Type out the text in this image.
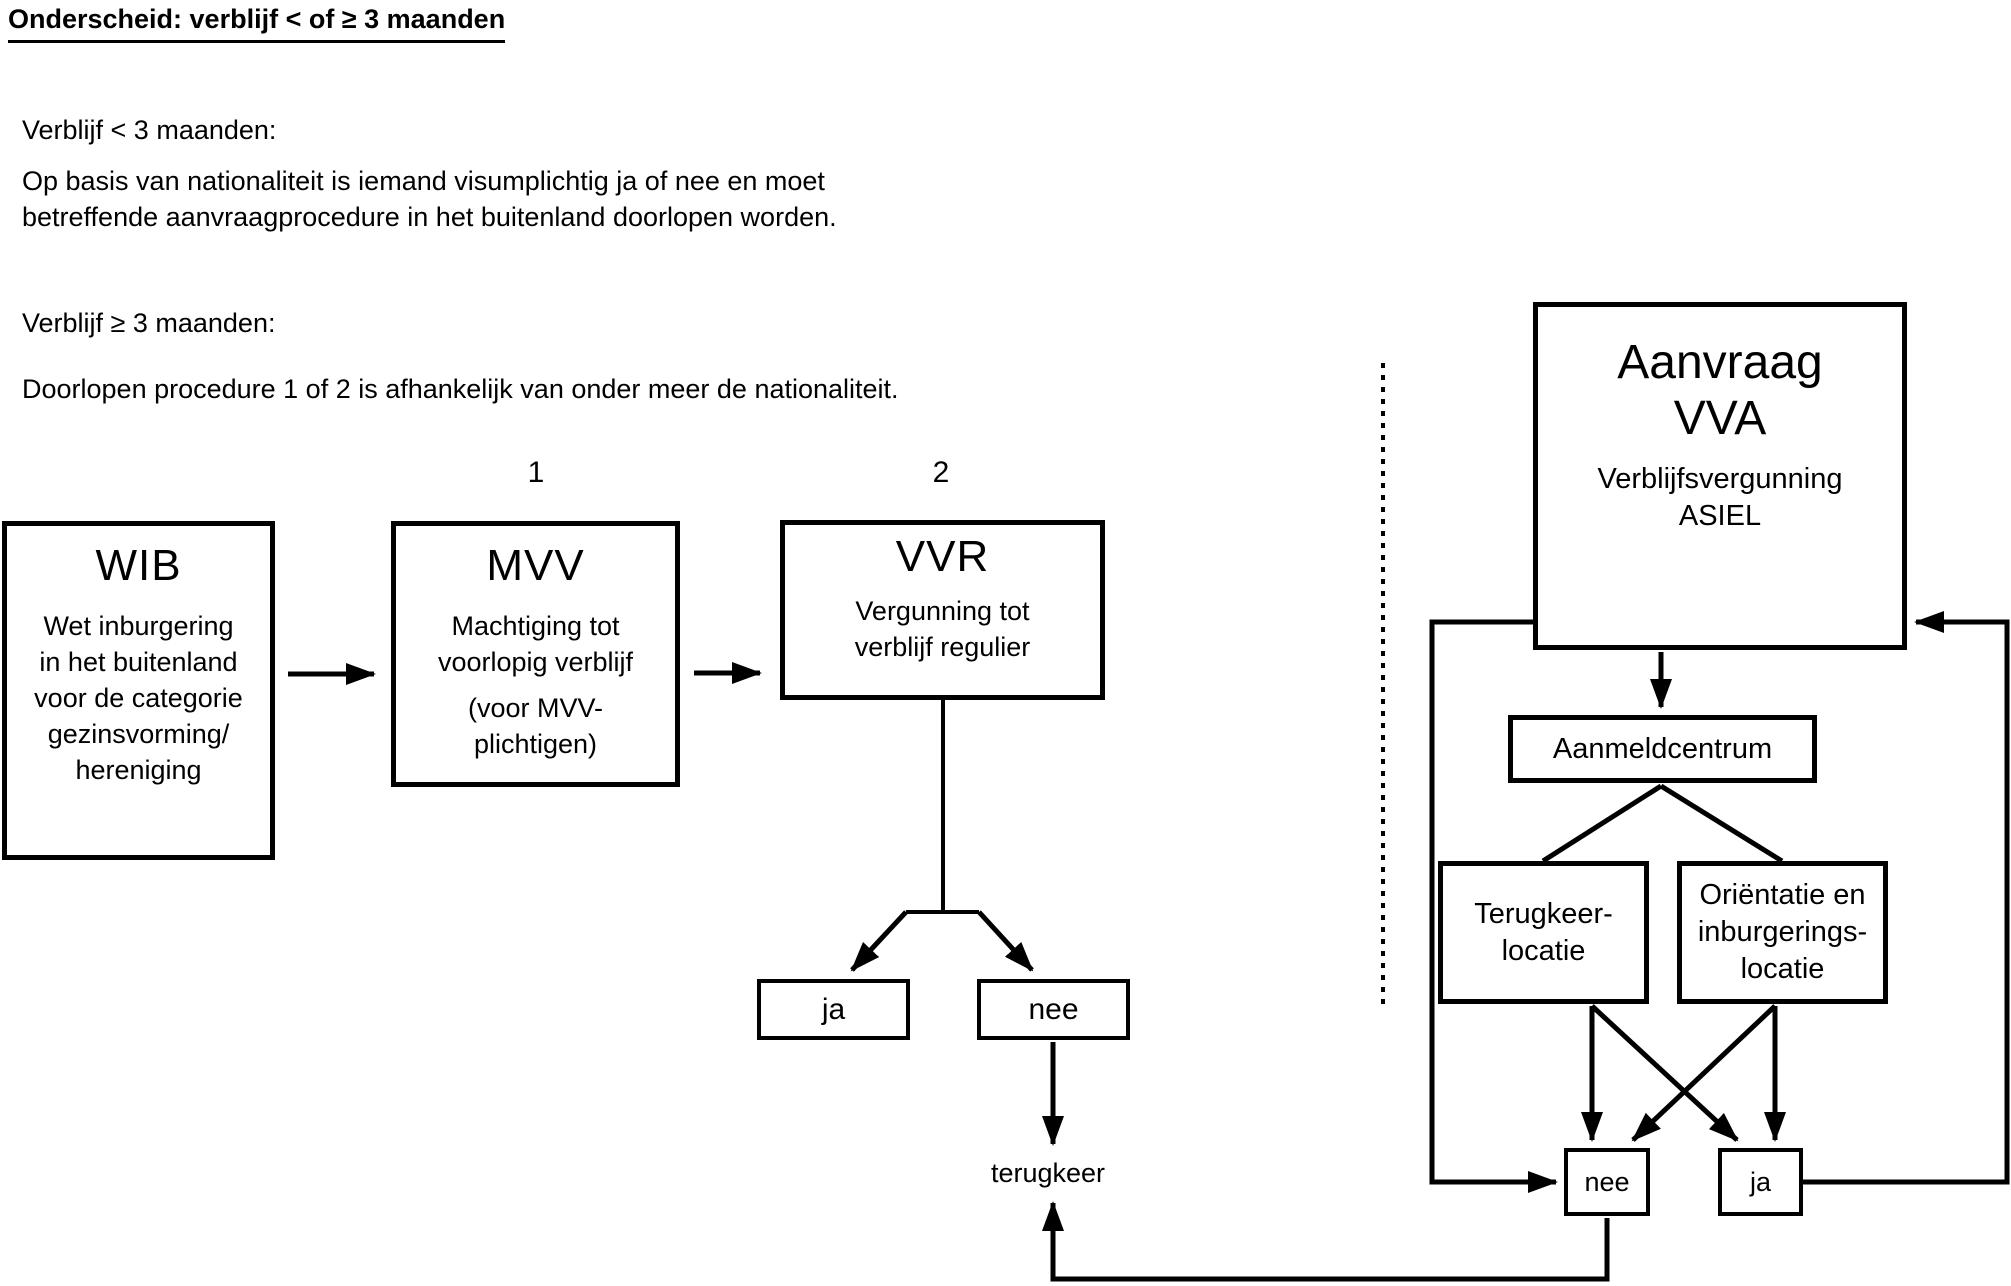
Onderscheid: verblijf < of ≥ 3 maanden
Verblijf < 3 maanden:
Op basis van nationaliteit is iemand visumplichtig ja of nee en moet
betreffende aanvraagprocedure in het buitenland doorlopen worden.
Verblijf ≥ 3 maanden:
Doorlopen procedure 1 of 2 is afhankelijk van onder meer de nationaliteit.
1	2
WIB
Wet inburgering
in het buitenland
voor de categorie
gezinsvorming/
hereniging
MVV
Machtiging tot
voorlopig verblijf
(voor MVV-
plichtigen)
VVR
Vergunning tot
verblijf regulier
ja	nee
terugkeer
Aanvraag
VVA
Verblijfsvergunning
ASIEL
Aanmeldcentrum
Terugkeer-
locatie
Oriëntatie en
inburgerings-
locatie
nee	ja
